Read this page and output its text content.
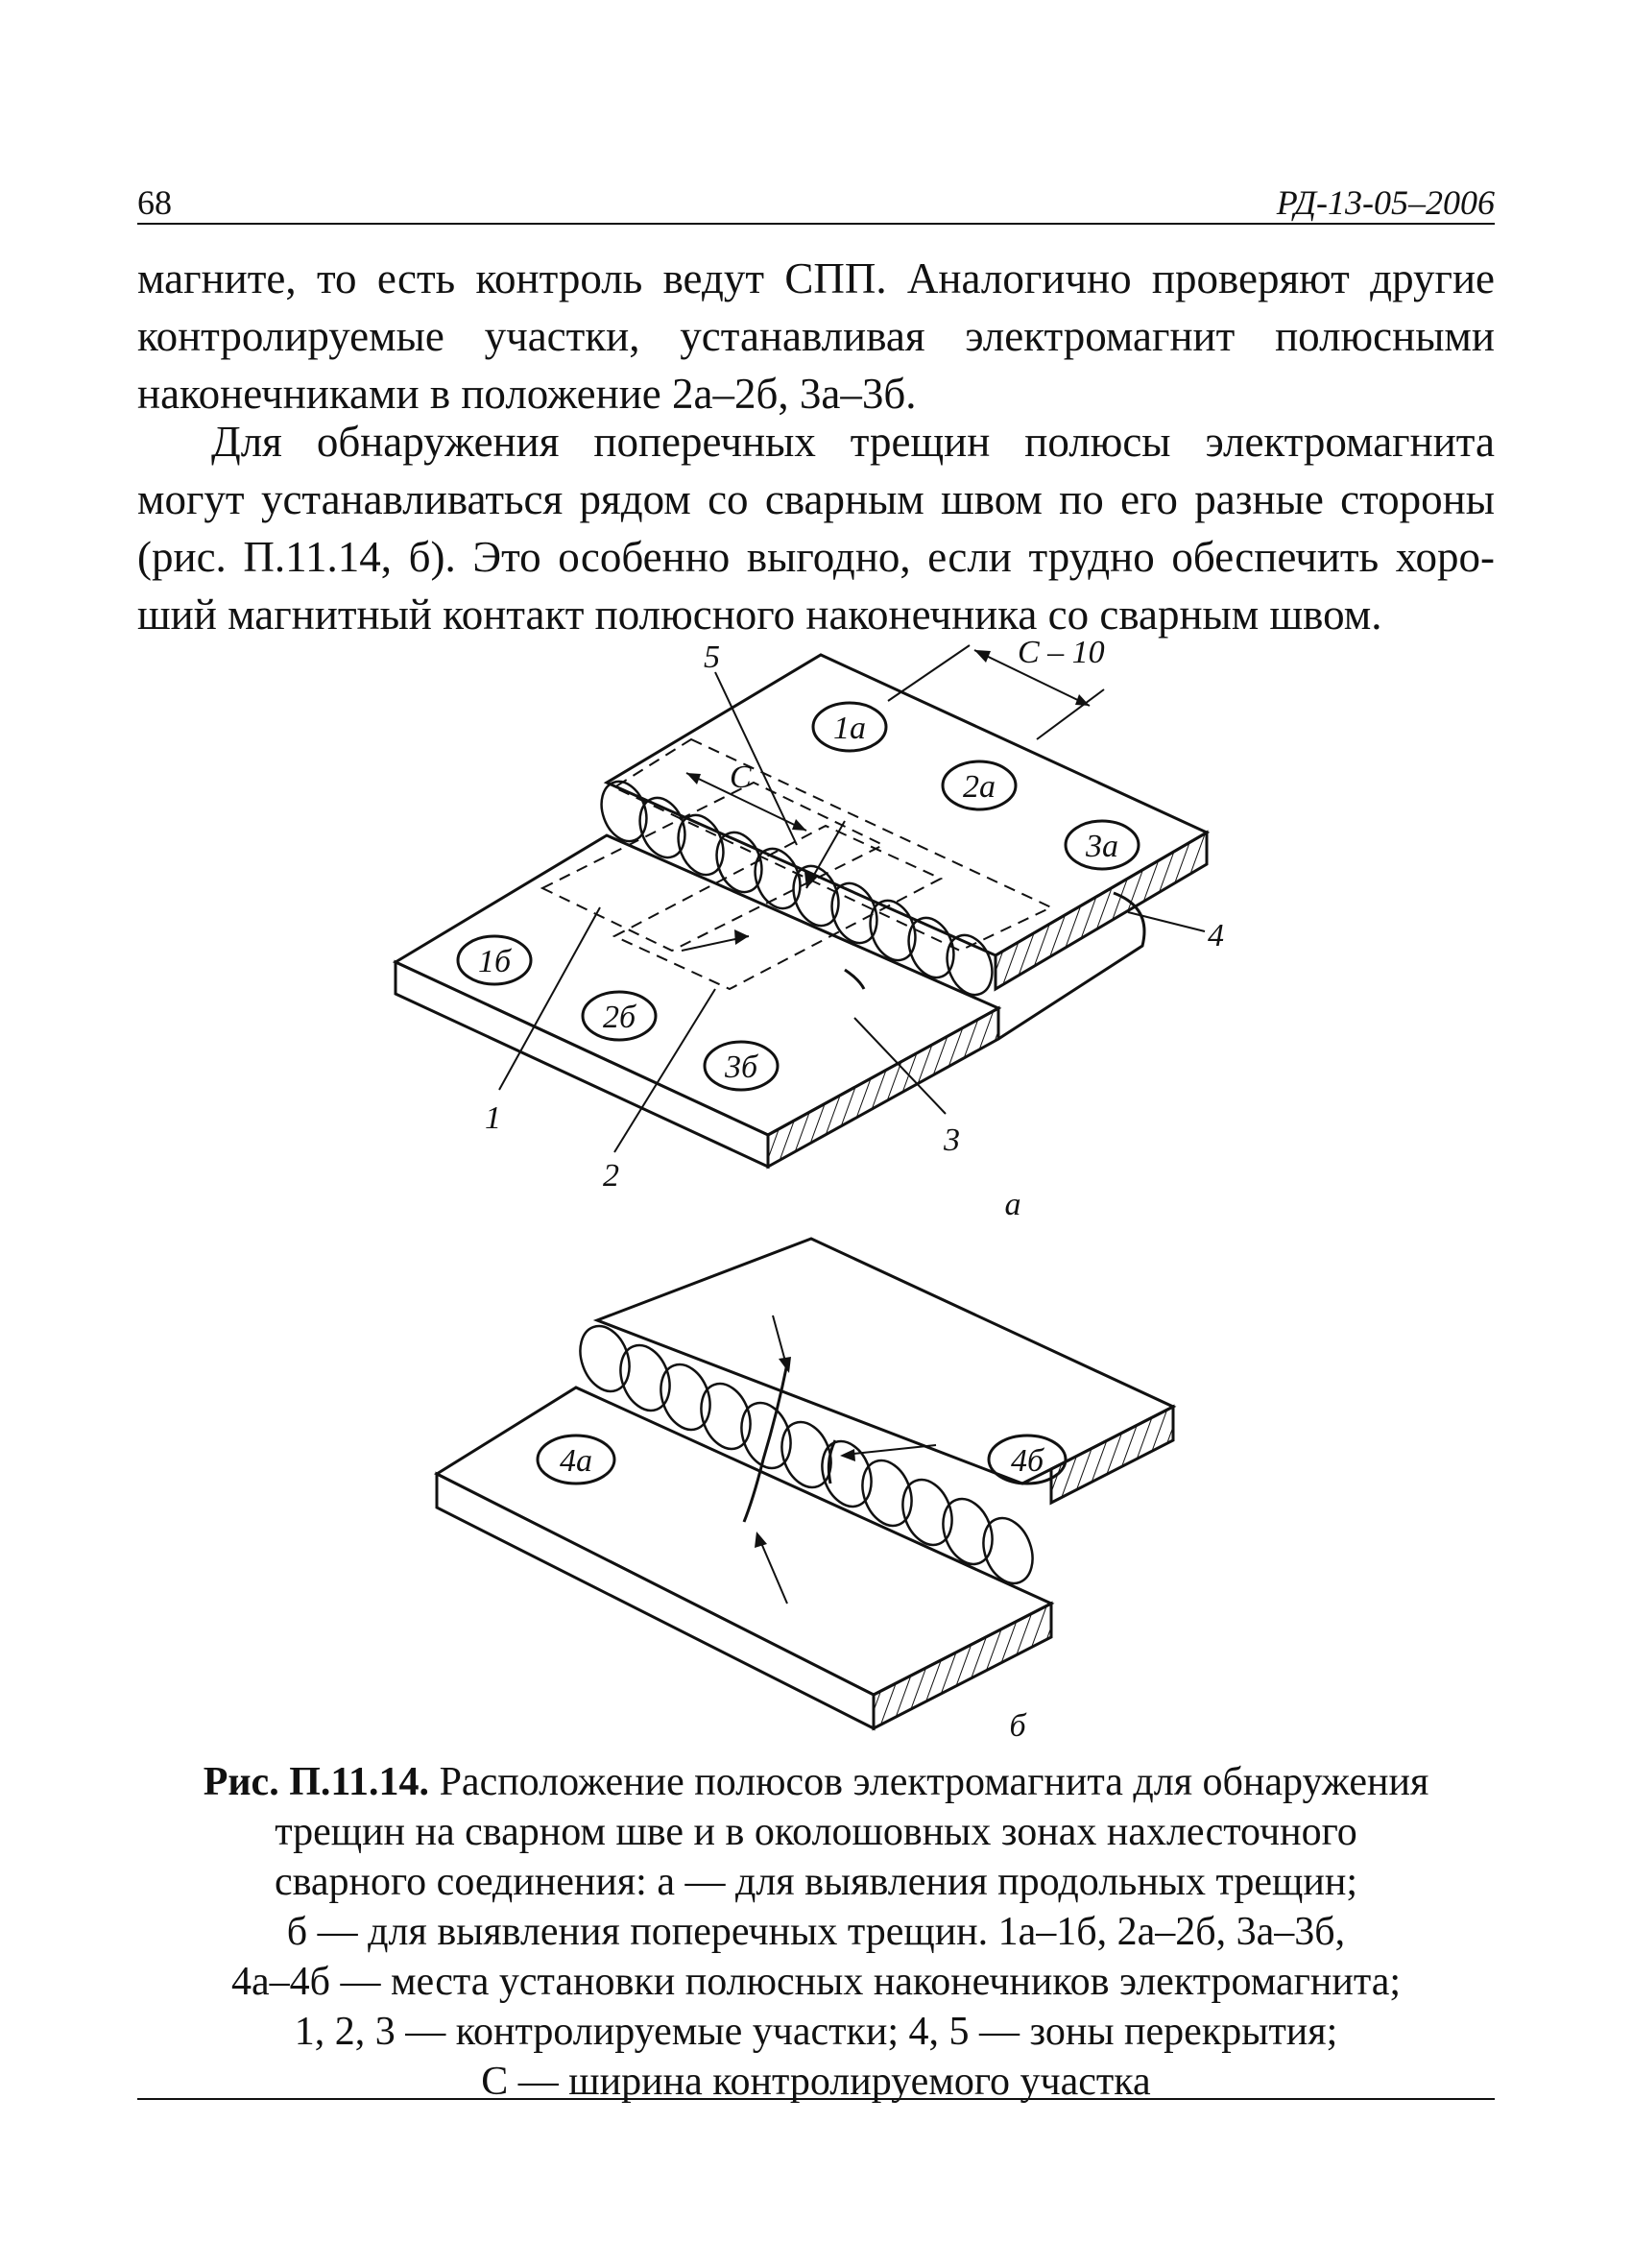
68	РД-13-05–2006

магните, то есть контроль ведут СПП. Аналогично проверяют другие
контролируемые участки, устанавливая электромагнит полюсными
наконечниками в положение 2а–2б, 3а–3б.

Для обнаружения поперечных трещин полюсы электромагнита
могут устанавливаться рядом со сварным швом по его разные стороны
(рис. П.11.14, б). Это особенно выгодно, если трудно обеспечить хоро-
ший магнитный контакт полюсного наконечника со сварным швом.

1а
2а
3а
1б
2б
3б
С
С – 10
1
2
3
4
5
а
4а	4б
б

Рис. П.11.14. Расположение полюсов электромагнита для обнаружения
трещин на сварном шве и в околошовных зонах нахлесточного
сварного соединения: а — для выявления продольных трещин;
б — для выявления поперечных трещин. 1а–1б, 2а–2б, 3а–3б,
4а–4б — места установки полюсных наконечников электромагнита;
1, 2, 3 — контролируемые участки; 4, 5 — зоны перекрытия;
С — ширина контролируемого участка
